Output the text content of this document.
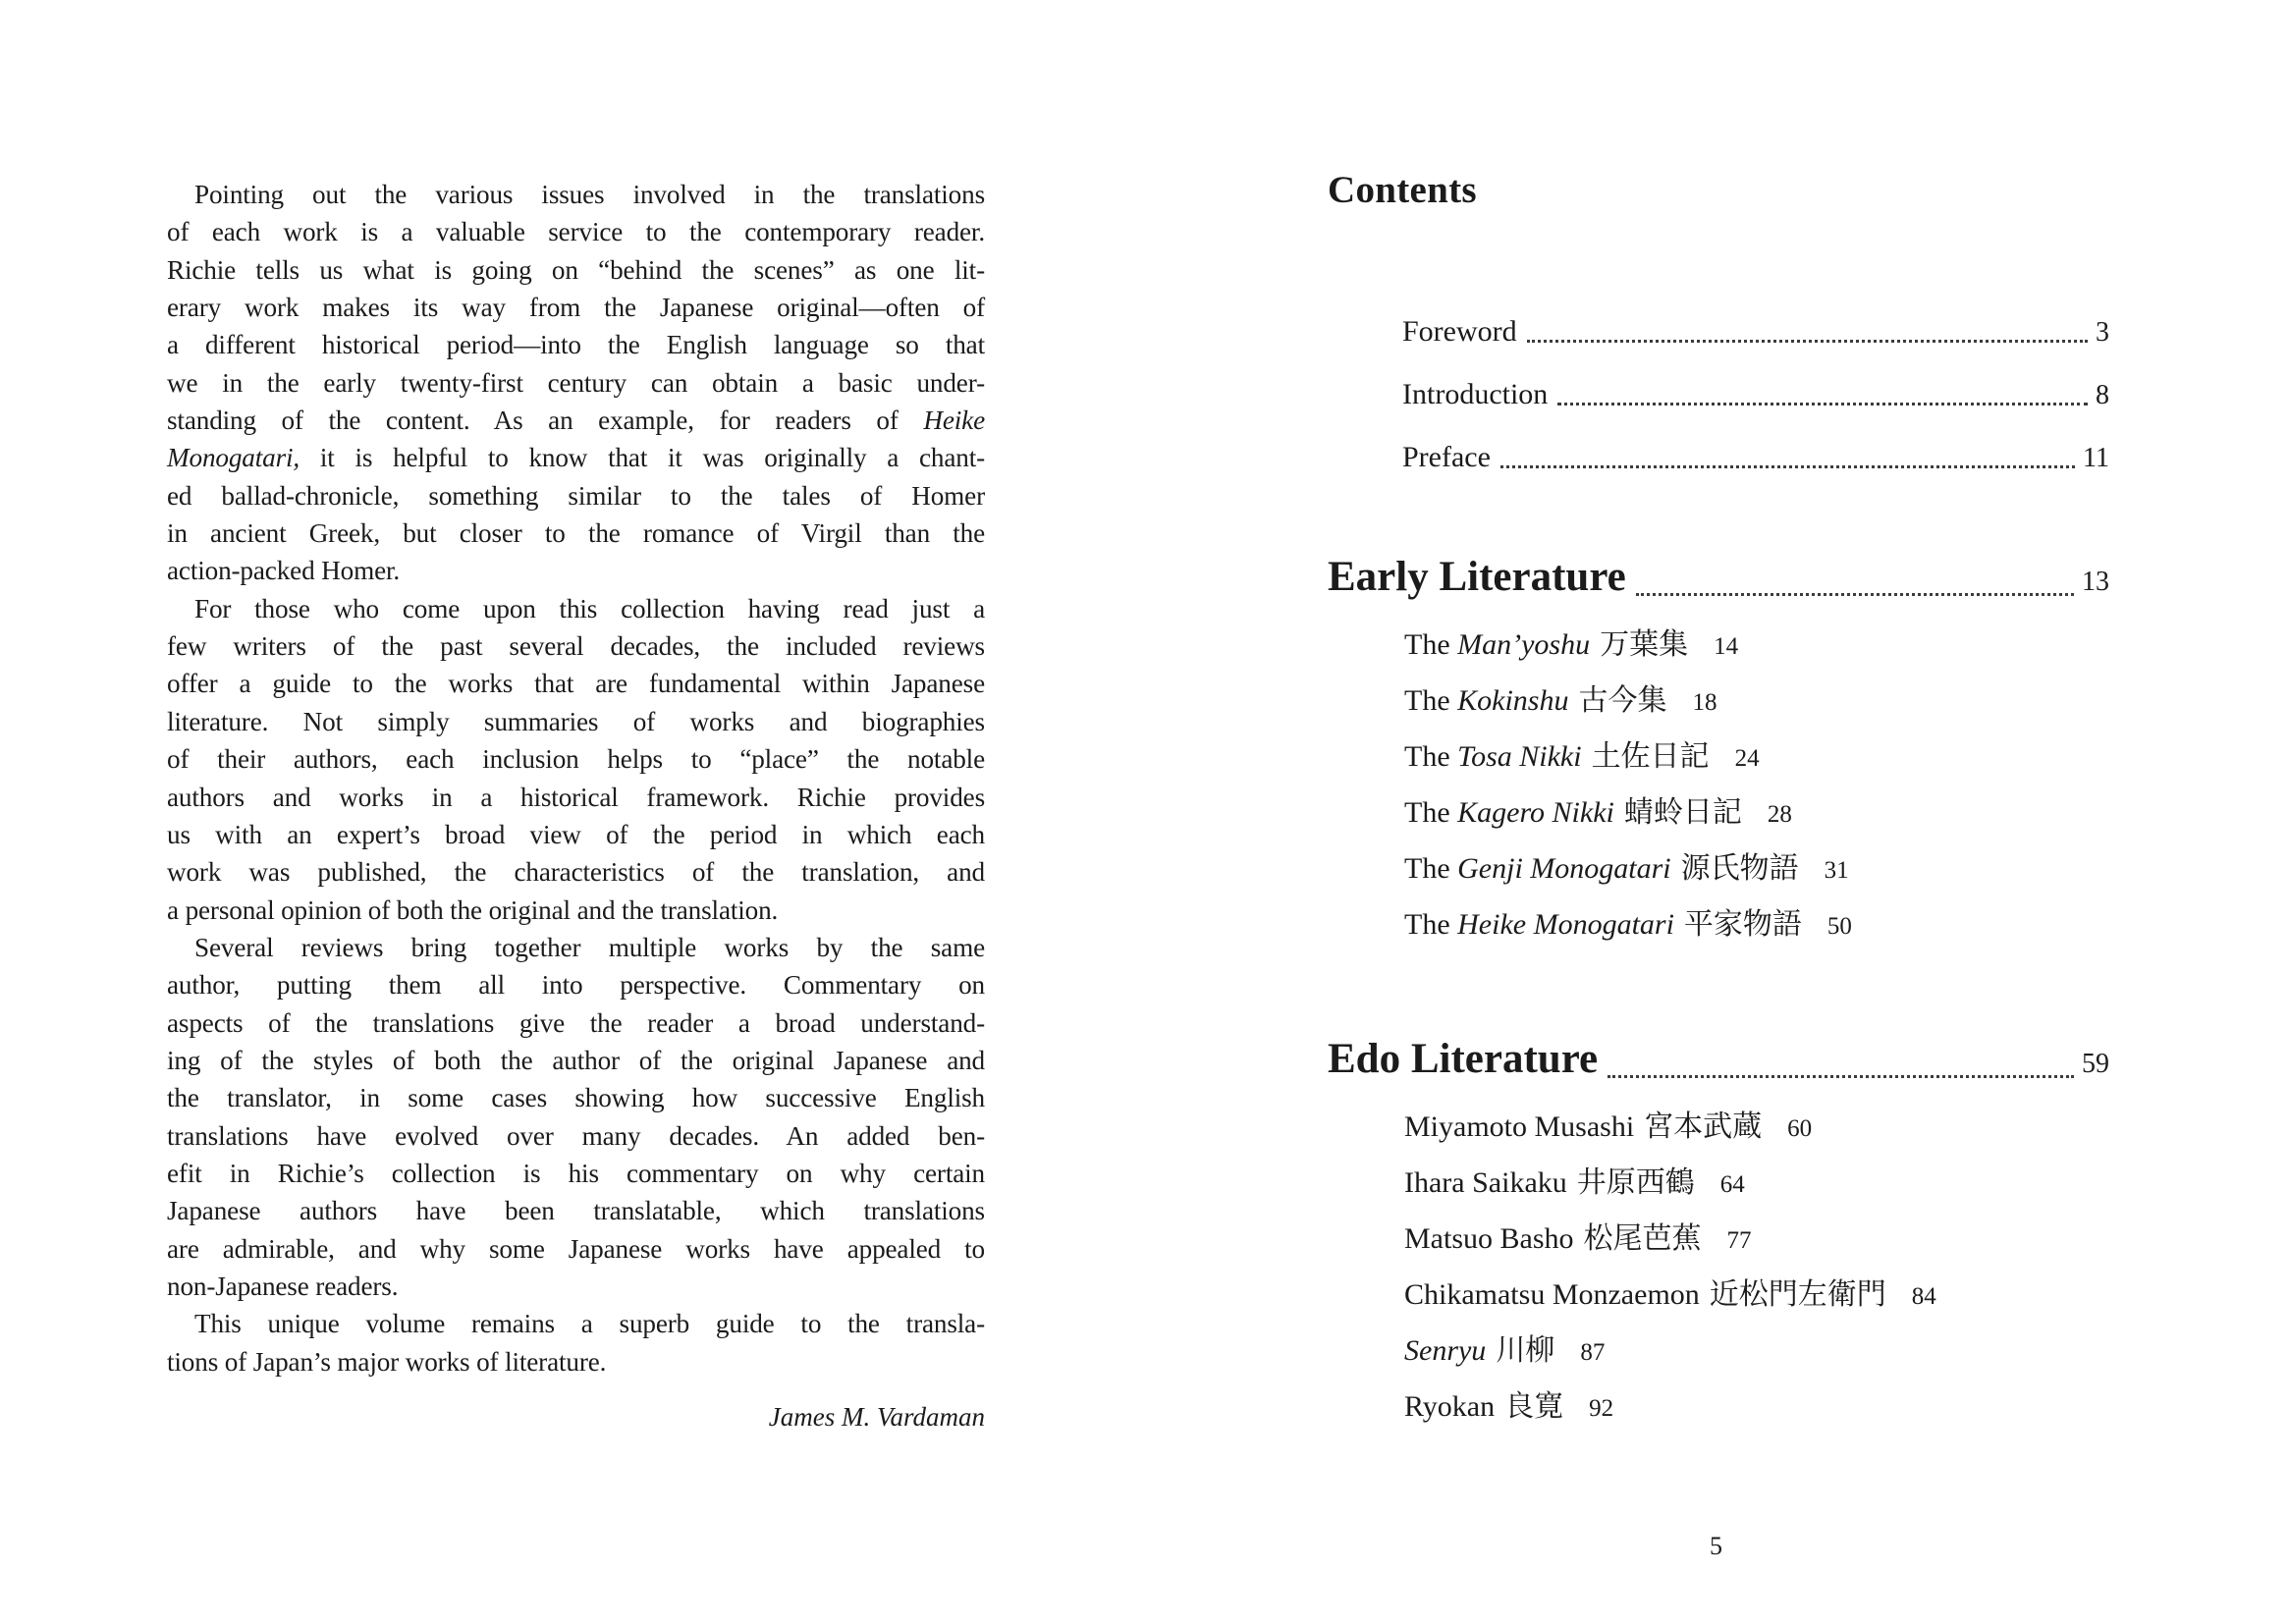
Pointing out the various issues involved in the translations
of each work is a valuable service to the contemporary reader.
Richie tells us what is going on “behind the scenes” as one lit-
erary work makes its way from the Japanese original—often of
a different historical period—into the English language so that
we in the early twenty-first century can obtain a basic under-
standing of the content. As an example, for readers of Heike
Monogatari, it is helpful to know that it was originally a chant-
ed ballad-chronicle, something similar to the tales of Homer
in ancient Greek, but closer to the romance of Virgil than the
action-packed Homer.
For those who come upon this collection having read just a
few writers of the past several decades, the included reviews
offer a guide to the works that are fundamental within Japanese
literature. Not simply summaries of works and biographies
of their authors, each inclusion helps to “place” the notable
authors and works in a historical framework. Richie provides
us with an expert’s broad view of the period in which each
work was published, the characteristics of the translation, and
a personal opinion of both the original and the translation.
Several reviews bring together multiple works by the same
author, putting them all into perspective. Commentary on
aspects of the translations give the reader a broad understand-
ing of the styles of both the author of the original Japanese and
the translator, in some cases showing how successive English
translations have evolved over many decades. An added ben-
efit in Richie’s collection is his commentary on why certain
Japanese authors have been translatable, which translations
are admirable, and why some Japanese works have appealed to
non-Japanese readers.
This unique volume remains a superb guide to the transla-
tions of Japan’s major works of literature.
James M. Vardaman
Contents
Foreword	3
Introduction	8
Preface	11
Early Literature	13
The Man’yoshu 万葉集 14
The Kokinshu 古今集 18
The Tosa Nikki 土佐日記 24
The Kagero Nikki 蜻蛉日記 28
The Genji Monogatari 源氏物語 31
The Heike Monogatari 平家物語 50
Edo Literature	59
Miyamoto Musashi 宮本武蔵 60
Ihara Saikaku 井原西鶴 64
Matsuo Basho 松尾芭蕉 77
Chikamatsu Monzaemon 近松門左衛門 84
Senryu 川柳 87
Ryokan 良寛 92
5
